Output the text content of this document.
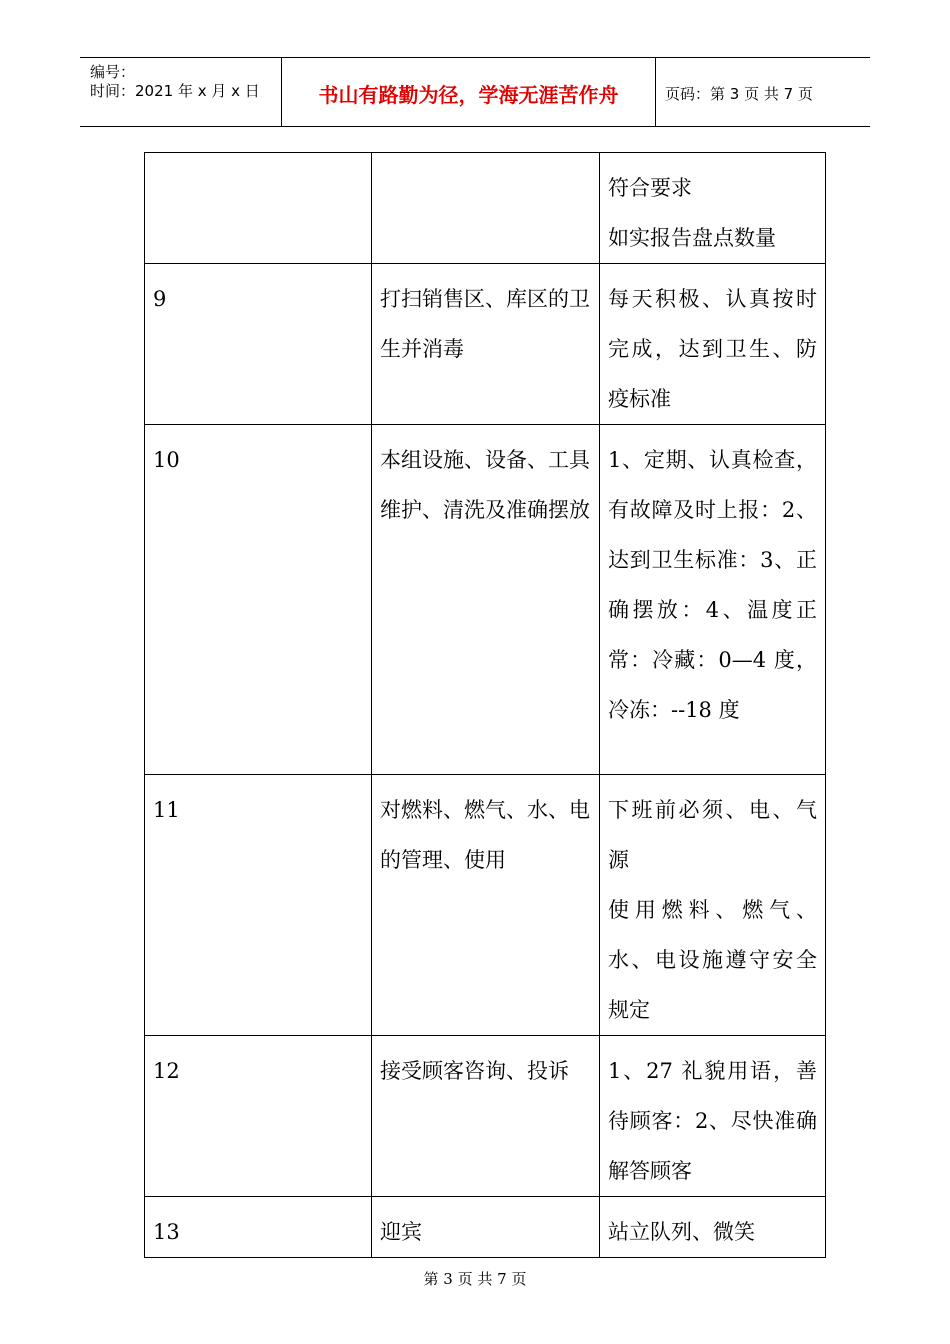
编号：
时间：2021 年 x 月 x 日	书山有路勤为径，学海无涯苦作舟	页码：第 3 页 共 7 页

		符合要求
如实报告盘点数量

9	打扫销售区、库区的卫生并消毒	每天积极、认真按时完成，达到卫生、防疫标准

10	本组设施、设备、工具维护、清洗及准确摆放	1、定期、认真检查，有故障及时上报：2、达到卫生标准：3、正确摆放：4、温度正常：冷藏：0—4 度，冷冻：--18 度

11	对燃料、燃气、水、电的管理、使用	下班前必须、电、气源
使用燃料、燃气、水、电设施遵守安全规定

12	接受顾客咨询、投诉	1、27 礼貌用语，善待顾客：2、尽快准确解答顾客

13	迎宾	站立队列、微笑
第 3 页 共 7 页
